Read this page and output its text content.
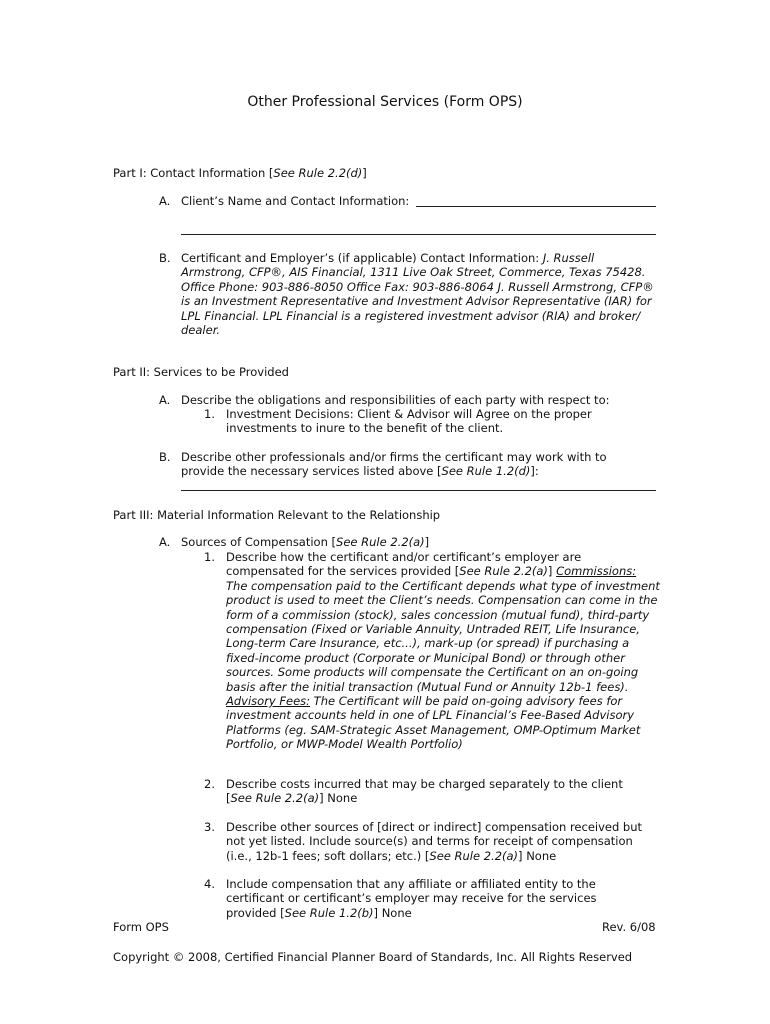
Other Professional Services (Form OPS)
Part I: Contact Information [See Rule 2.2(d)]
A. Client’s Name and Contact Information:
B. Certificant and Employer’s (if applicable) Contact Information: J. Russell
Armstrong, CFP®, AIS Financial, 1311 Live Oak Street, Commerce, Texas 75428.
Office Phone: 903-886-8050 Office Fax: 903-886-8064 J. Russell Armstrong, CFP®
is an Investment Representative and Investment Advisor Representative (IAR) for
LPL Financial. LPL Financial is a registered investment advisor (RIA) and broker/
dealer.
Part II: Services to be Provided
A. Describe the obligations and responsibilities of each party with respect to:
1. Investment Decisions: Client & Advisor will Agree on the proper
investments to inure to the benefit of the client.
B. Describe other professionals and/or firms the certificant may work with to
provide the necessary services listed above [See Rule 1.2(d)]:
Part III: Material Information Relevant to the Relationship
A. Sources of Compensation [See Rule 2.2(a)]
1. Describe how the certificant and/or certificant’s employer are
compensated for the services provided [See Rule 2.2(a)] Commissions:
The compensation paid to the Certificant depends what type of investment
product is used to meet the Client’s needs. Compensation can come in the
form of a commission (stock), sales concession (mutual fund), third-party
compensation (Fixed or Variable Annuity, Untraded REIT, Life Insurance,
Long-term Care Insurance, etc...), mark-up (or spread) if purchasing a
fixed-income product (Corporate or Municipal Bond) or through other
sources. Some products will compensate the Certificant on an on-going
basis after the initial transaction (Mutual Fund or Annuity 12b-1 fees).
Advisory Fees: The Certificant will be paid on-going advisory fees for
investment accounts held in one of LPL Financial’s Fee-Based Advisory
Platforms (eg. SAM-Strategic Asset Management, OMP-Optimum Market
Portfolio, or MWP-Model Wealth Portfolio)
2. Describe costs incurred that may be charged separately to the client
[See Rule 2.2(a)] None
3. Describe other sources of [direct or indirect] compensation received but
not yet listed. Include source(s) and terms for receipt of compensation
(i.e., 12b-1 fees; soft dollars; etc.) [See Rule 2.2(a)] None
4. Include compensation that any affiliate or affiliated entity to the
certificant or certificant’s employer may receive for the services
provided [See Rule 1.2(b)] None
Form OPS	Rev. 6/08
Copyright © 2008, Certified Financial Planner Board of Standards, Inc. All Rights Reserved
